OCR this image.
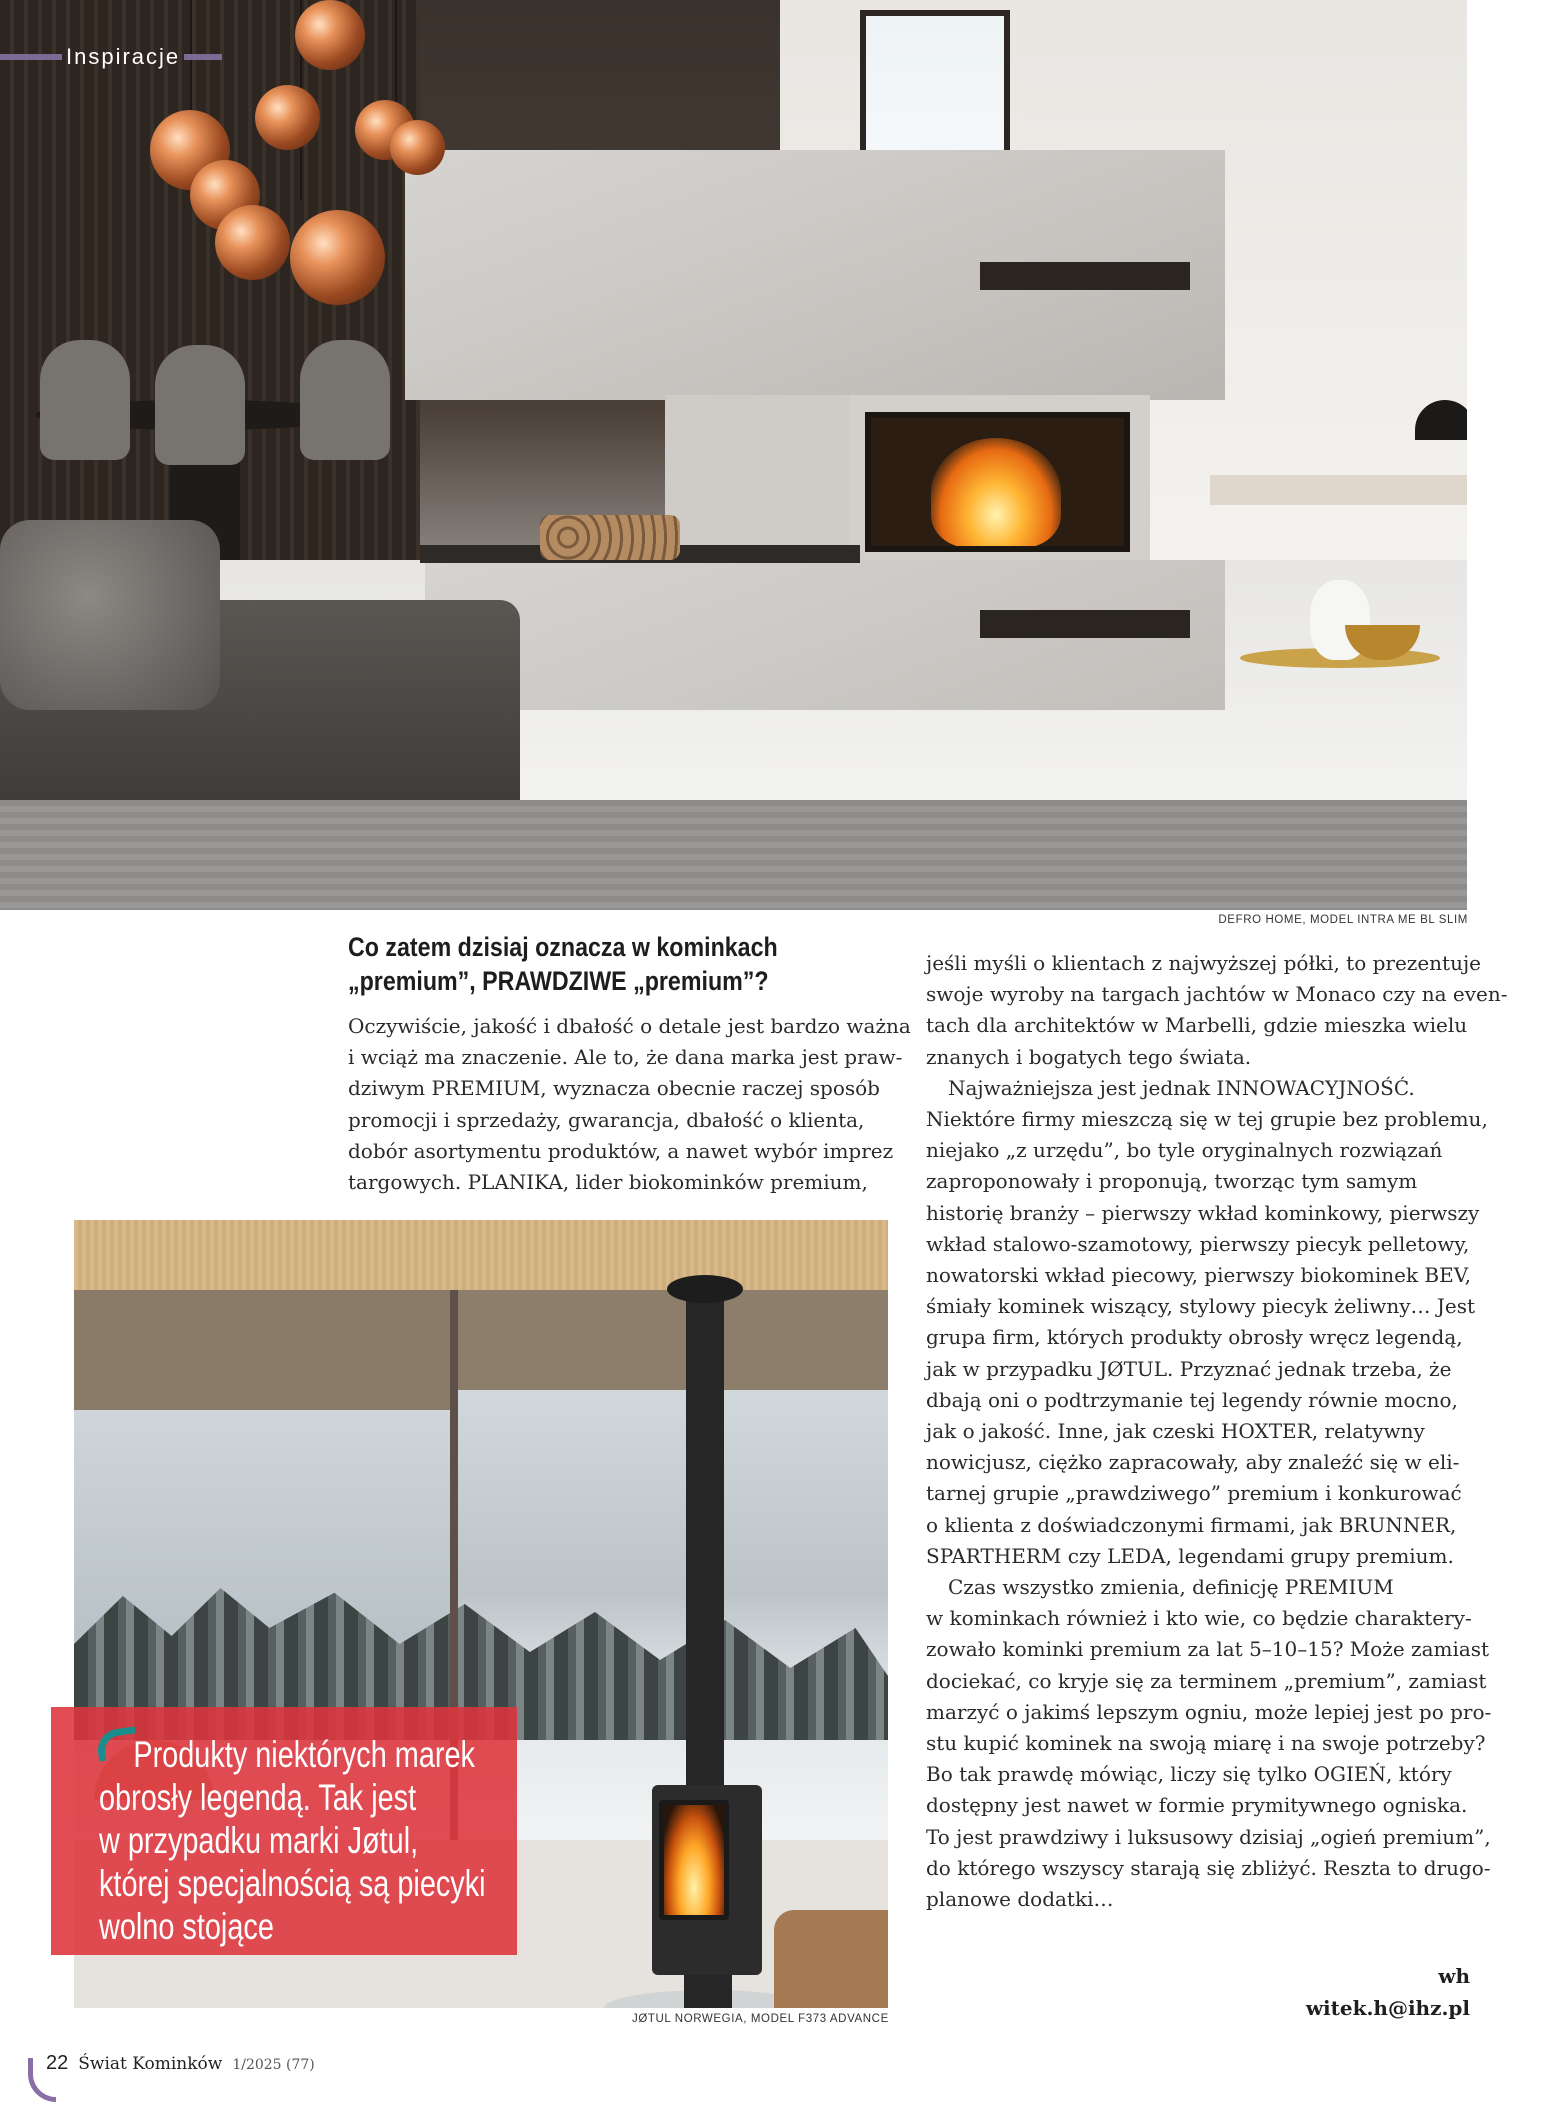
Inspiracje
DEFRO HOME, MODEL INTRA ME BL SLIM
Co zatem dzisiaj oznacza w kominkach
„premium”, PRAWDZIWE „premium”?
Oczywiście, jakość i dbałość o detale jest bardzo ważna
i wciąż ma znaczenie. Ale to, że dana marka jest praw-
dziwym PREMIUM, wyznacza obecnie raczej sposób
promocji i sprzedaży, gwarancja, dbałość o klienta,
dobór asortymentu produktów, a nawet wybór imprez
targowych. PLANIKA, lider biokominków premium,
jeśli myśli o klientach z najwyższej półki, to prezentuje
swoje wyroby na targach jachtów w Monaco czy na even-
tach dla architektów w Marbelli, gdzie mieszka wielu
znanych i bogatych tego świata.
Najważniejsza jest jednak INNOWACYJNOŚĆ.
Niektóre firmy mieszczą się w tej grupie bez problemu,
niejako „z urzędu”, bo tyle oryginalnych rozwiązań
zaproponowały i proponują, tworząc tym samym
historię branży – pierwszy wkład kominkowy, pierwszy
wkład stalowo-szamotowy, pierwszy piecyk pelletowy,
nowatorski wkład piecowy, pierwszy biokominek BEV,
śmiały kominek wiszący, stylowy piecyk żeliwny… Jest
grupa firm, których produkty obrosły wręcz legendą,
jak w przypadku JØTUL. Przyznać jednak trzeba, że
dbają oni o podtrzymanie tej legendy równie mocno,
jak o jakość. Inne, jak czeski HOXTER, relatywny
nowicjusz, ciężko zapracowały, aby znaleźć się w eli-
tarnej grupie „prawdziwego” premium i konkurować
o klienta z doświadczonymi firmami, jak BRUNNER,
SPARTHERM czy LEDA, legendami grupy premium.
Czas wszystko zmienia, definicję PREMIUM
w kominkach również i kto wie, co będzie charaktery-
zowało kominki premium za lat 5–10–15? Może zamiast
dociekać, co kryje się za terminem „premium”, zamiast
marzyć o jakimś lepszym ogniu, może lepiej jest po pro-
stu kupić kominek na swoją miarę i na swoje potrzeby?
Bo tak prawdę mówiąc, liczy się tylko OGIEŃ, który
dostępny jest nawet w formie prymitywnego ogniska.
To jest prawdziwy i luksusowy dzisiaj „ogień premium”,
do którego wszyscy starają się zbliżyć. Reszta to drugo-
planowe dodatki…
JØTUL NORWEGIA, MODEL F373 ADVANCE
Produkty niektórych marek
obrosły legendą. Tak jest
w przypadku marki Jøtul,
której specjalnością są piecyki
wolno stojące
wh
witek.h@ihz.pl
22 Świat Kominków 1/2025 (77)
